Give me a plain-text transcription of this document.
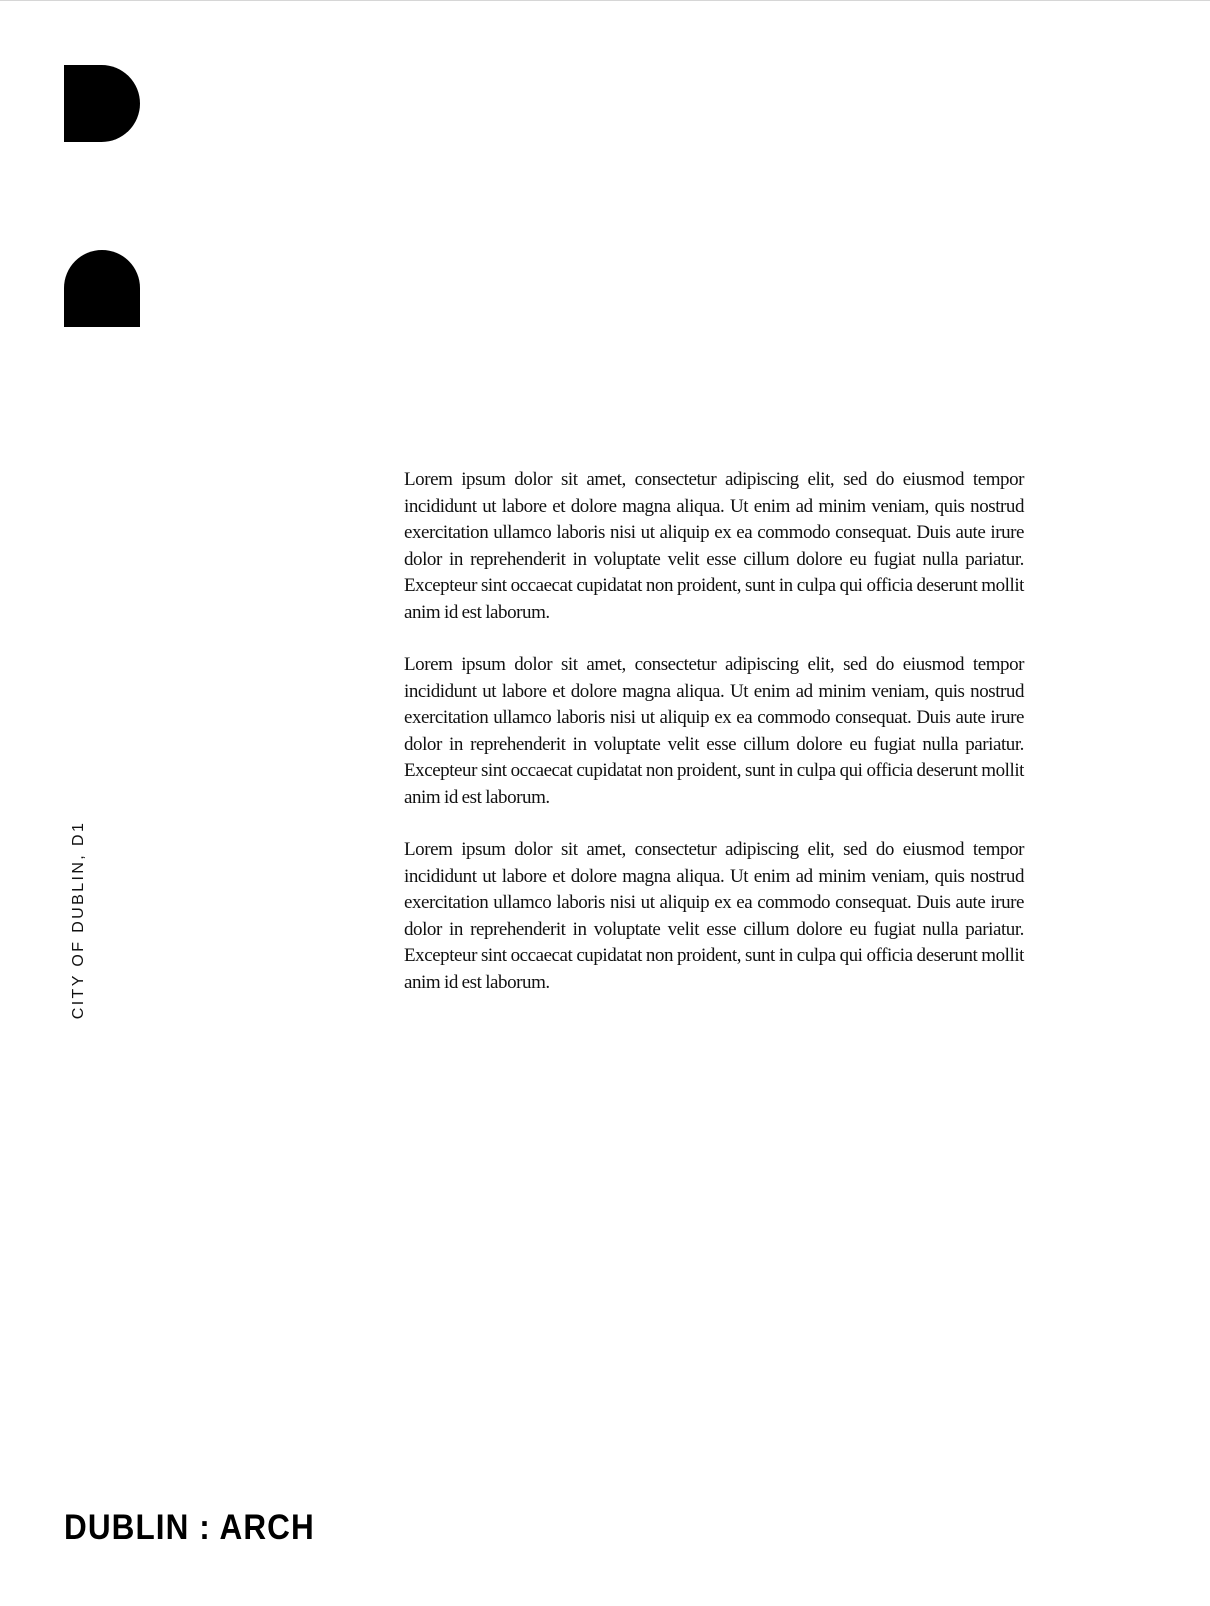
CITY OF DUBLIN, D1

Lorem ipsum dolor sit amet, consectetur adipiscing elit, sed do eiusmod tempor incididunt ut labore et dolore magna aliqua. Ut enim ad minim veniam, quis nostrud exercitation ullamco laboris nisi ut aliquip ex ea commodo consequat. Duis aute irure dolor in reprehenderit in voluptate velit esse cillum dolore eu fugiat nulla pariatur. Excepteur sint occaecat cupidatat non proident, sunt in culpa qui officia deserunt mollit anim id est laborum.

Lorem ipsum dolor sit amet, consectetur adipiscing elit, sed do eiusmod tempor incididunt ut labore et dolore magna aliqua. Ut enim ad minim veniam, quis nostrud exercitation ullamco laboris nisi ut aliquip ex ea commodo consequat. Duis aute irure dolor in reprehenderit in voluptate velit esse cillum dolore eu fugiat nulla pariatur. Excepteur sint occaecat cupidatat non proident, sunt in culpa qui officia deserunt mollit anim id est laborum.

Lorem ipsum dolor sit amet, consectetur adipiscing elit, sed do eiusmod tempor incididunt ut labore et dolore magna aliqua. Ut enim ad minim veniam, quis nostrud exercitation ullamco laboris nisi ut aliquip ex ea commodo consequat. Duis aute irure dolor in reprehenderit in voluptate velit esse cillum dolore eu fugiat nulla pariatur. Excepteur sint occaecat cupidatat non proident, sunt in culpa qui officia deserunt mollit anim id est laborum.

DUBLIN : ARCH
